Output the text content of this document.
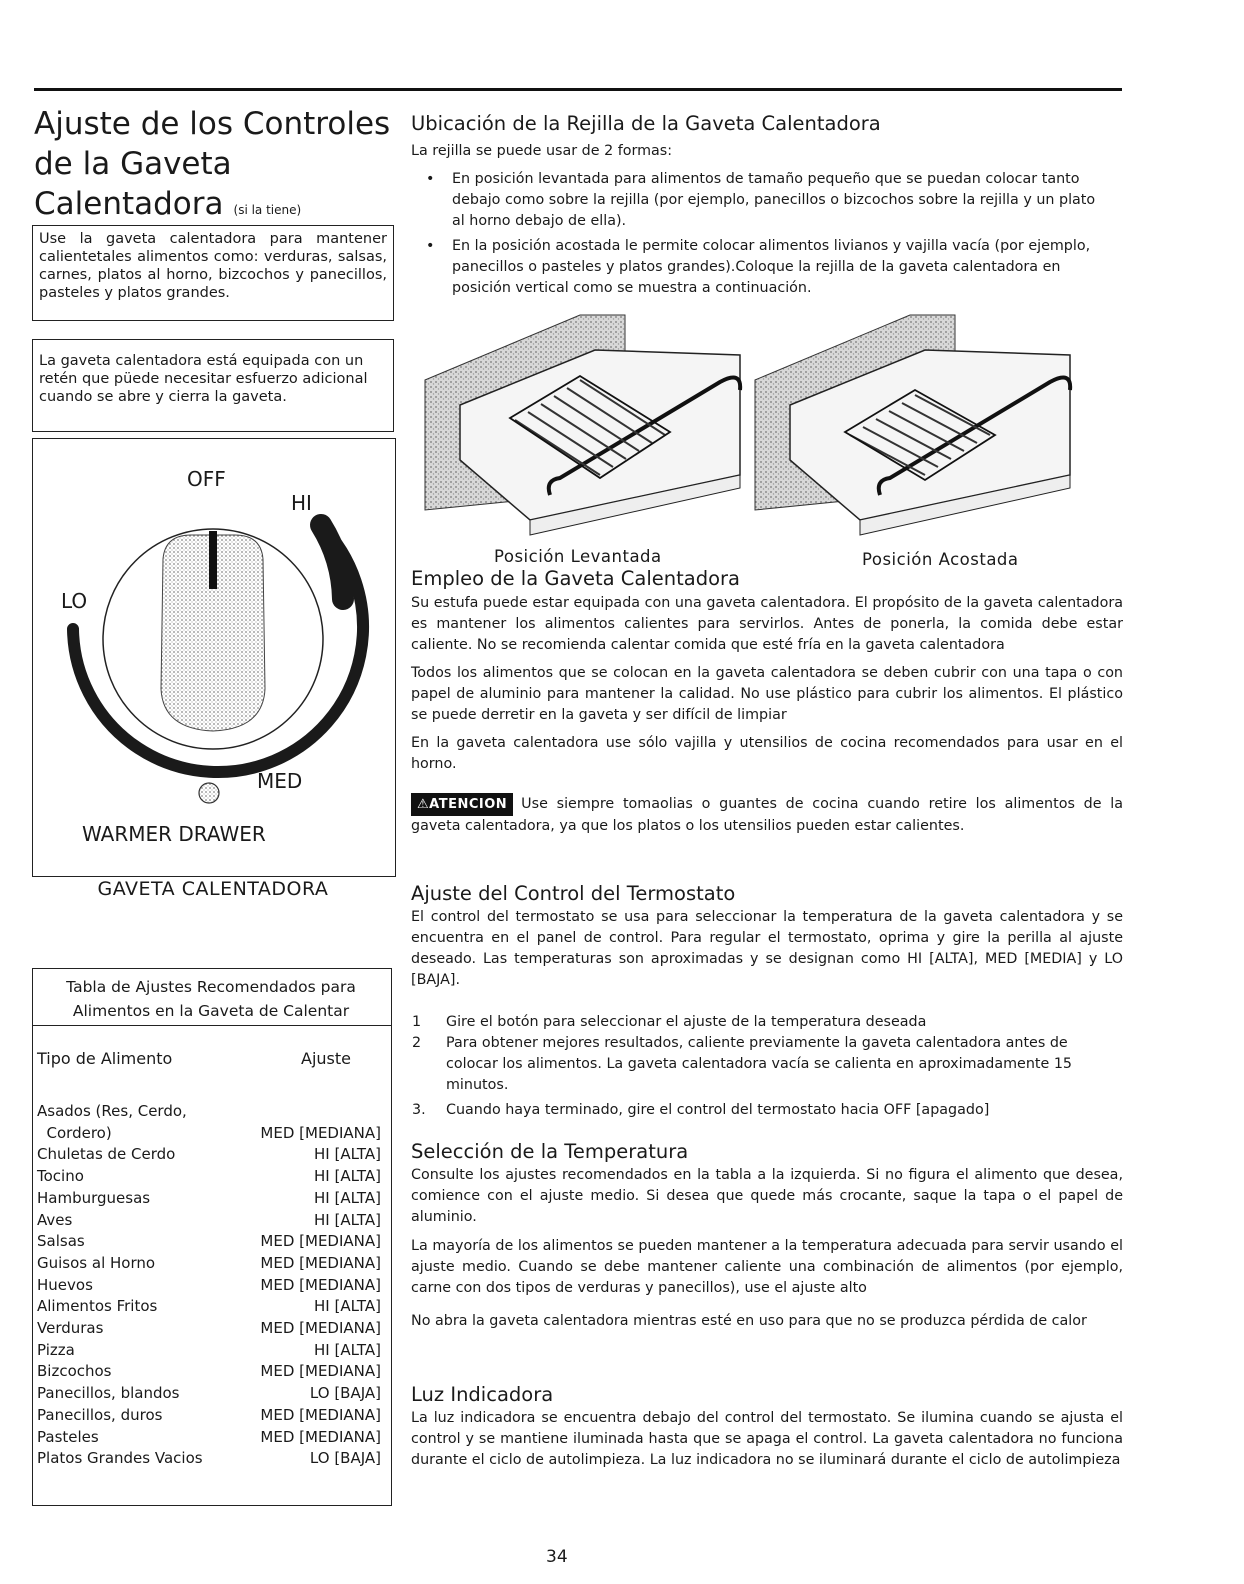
Ajuste de los Controles
de la Gaveta
Calentadora (si la tiene)

Use la gaveta calentadora para mantener calientetales alimentos como: verduras, salsas, carnes, platos al horno, bizcochos y panecillos, pasteles y platos grandes.

La gaveta calentadora está equipada con un retén que püede necesitar esfuerzo adicional cuando se abre y cierra la gaveta.

OFF
HI
LO
MED
WARMER DRAWER
GAVETA CALENTADORA
Tabla de Ajustes Recomendados para Alimentos en la Gaveta de Calentar
Tipo de Alimento	Ajuste
Asados (Res, Cerdo,
Cordero)	MED [MEDIANA]
Chuletas de Cerdo	HI [ALTA]
Tocino	HI [ALTA]
Hamburguesas	HI [ALTA]
Aves	HI [ALTA]
Salsas	MED [MEDIANA]
Guisos al Horno	MED [MEDIANA]
Huevos	MED [MEDIANA]
Alimentos Fritos	HI [ALTA]
Verduras	MED [MEDIANA]
Pizza	HI [ALTA]
Bizcochos	MED [MEDIANA]
Panecillos, blandos	LO [BAJA]
Panecillos, duros	MED [MEDIANA]
Pasteles	MED [MEDIANA]
Platos Grandes Vacios	LO [BAJA]
Ubicación de la Rejilla de la Gaveta Calentadora

La rejilla se puede usar de 2 formas:

• En posición levantada para alimentos de tamaño pequeño que se puedan colocar tanto debajo como sobre la rejilla (por ejemplo, panecillos o bizcochos sobre la rejilla y un plato al horno debajo de ella).
• En la posición acostada le permite colocar alimentos livianos y vajilla vacía (por ejemplo, panecillos o pasteles y platos grandes).Coloque la rejilla de la gaveta calentadora en posición vertical como se muestra a continuación.
Posición Levantada	Posición Acostada
Empleo de la Gaveta Calentadora

Su estufa puede estar equipada con una gaveta calentadora. El propósito de la gaveta calentadora es mantener los alimentos calientes para servirlos. Antes de ponerla, la comida debe estar caliente. No se recomienda calentar comida que esté fría en la gaveta calentadora

Todos los alimentos que se colocan en la gaveta calentadora se deben cubrir con una tapa o con papel de aluminio para mantener la calidad. No use plástico para cubrir los alimentos. El plástico se puede derretir en la gaveta y ser difícil de limpiar

En la gaveta calentadora use sólo vajilla y utensilios de cocina recomendados para usar en el horno.

⚠ATENCION Use siempre tomaolias o guantes de cocina cuando retire los alimentos de la gaveta calentadora, ya que los platos o los utensilios pueden estar calientes.

Ajuste del Control del Termostato

El control del termostato se usa para seleccionar la temperatura de la gaveta calentadora y se encuentra en el panel de control. Para regular el termostato, oprima y gire la perilla al ajuste deseado. Las temperaturas son aproximadas y se designan como HI [ALTA], MED [MEDIA] y LO [BAJA].

1 Gire el botón para seleccionar el ajuste de la temperatura deseada
2 Para obtener mejores resultados, caliente previamente la gaveta calentadora antes de colocar los alimentos. La gaveta calentadora vacía se calienta en aproximadamente 15 minutos.
3. Cuando haya terminado, gire el control del termostato hacia OFF [apagado]
Selección de la Temperatura

Consulte los ajustes recomendados en la tabla a la izquierda. Si no figura el alimento que desea, comience con el ajuste medio. Si desea que quede más crocante, saque la tapa o el papel de aluminio.

La mayoría de los alimentos se pueden mantener a la temperatura adecuada para servir usando el ajuste medio. Cuando se debe mantener caliente una combinación de alimentos (por ejemplo, carne con dos tipos de verduras y panecillos), use el ajuste alto

No abra la gaveta calentadora mientras esté en uso para que no se produzca pérdida de calor

Luz Indicadora

La luz indicadora se encuentra debajo del control del termostato. Se ilumina cuando se ajusta el control y se mantiene iluminada hasta que se apaga el control. La gaveta calentadora no funciona durante el ciclo de autolimpieza. La luz indicadora no se iluminará durante el ciclo de autolimpieza

34
